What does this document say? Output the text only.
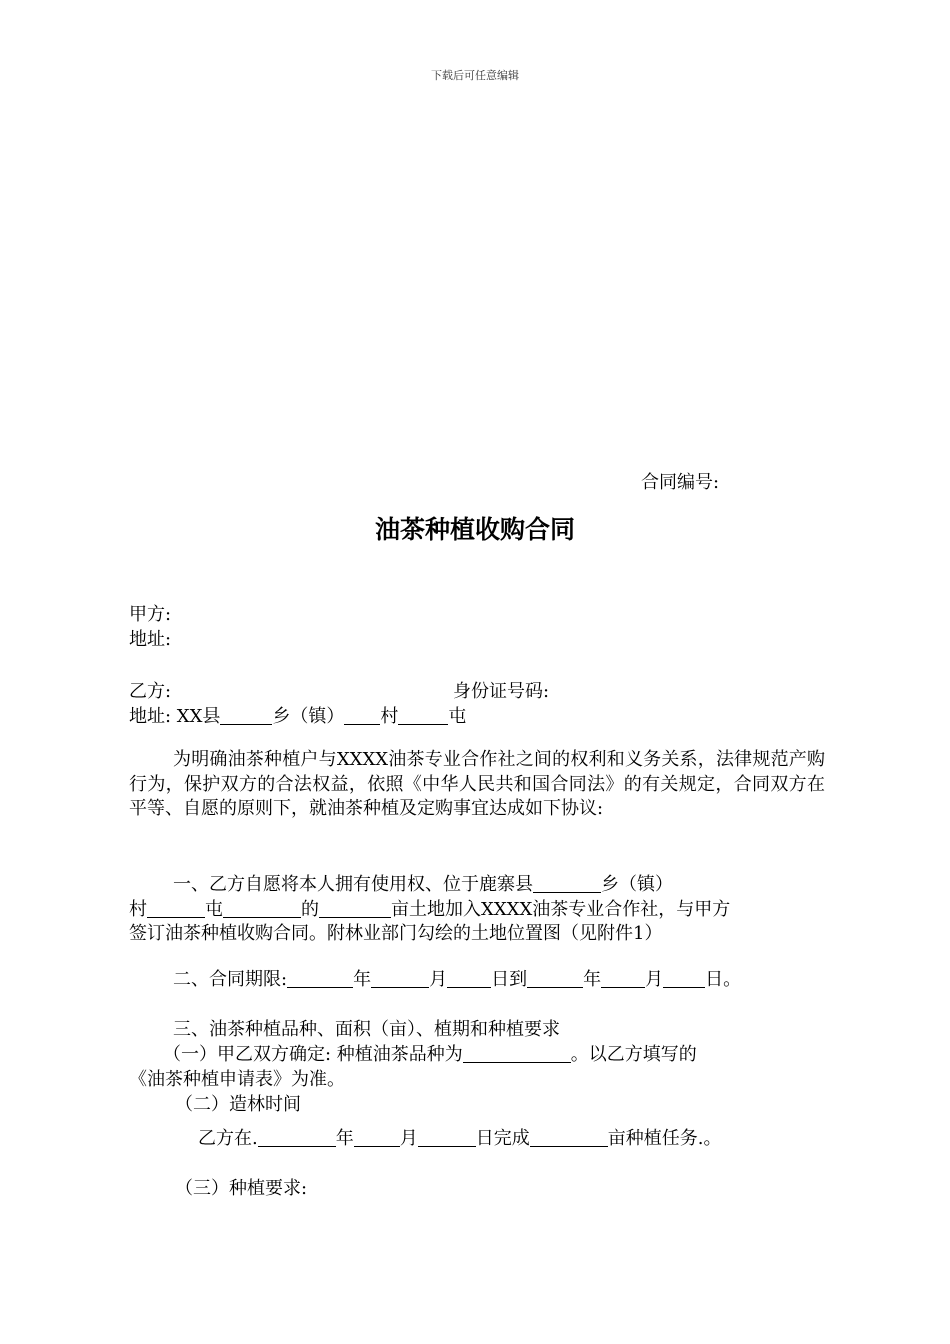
下载后可任意编辑
合同编号:
油茶种植收购合同
甲方:
地址:
乙方:	身份证号码:
地址: XX县	乡（镇） 村	屯
为明确油茶种植户与XXXX油茶专业合作社之间的权利和义务关系，法律规范产购行为，保护双方的合法权益，依照《中华人民共和国合同法》的有关规定，合同双方在平等、自愿的原则下，就油茶种植及定购事宜达成如下协议:
一、乙方自愿将本人拥有使用权、位于鹿寨县	乡（镇）
村	屯	的	亩土地加入XXXX油茶专业合作社，与甲方
签订油茶种植收购合同。附林业部门勾绘的土地位置图（见附件1）
二、合同期限:	年	月 日到	年 月 日。
三、油茶种植品种、面积（亩）、植期和种植要求
（一）甲乙双方确定: 种植油茶品种为	。以乙方填写的
《油茶种植申请表》为准。
（二）造林时间
乙方在.	年	月	日完成	亩种植任务.。
（三）种植要求:
